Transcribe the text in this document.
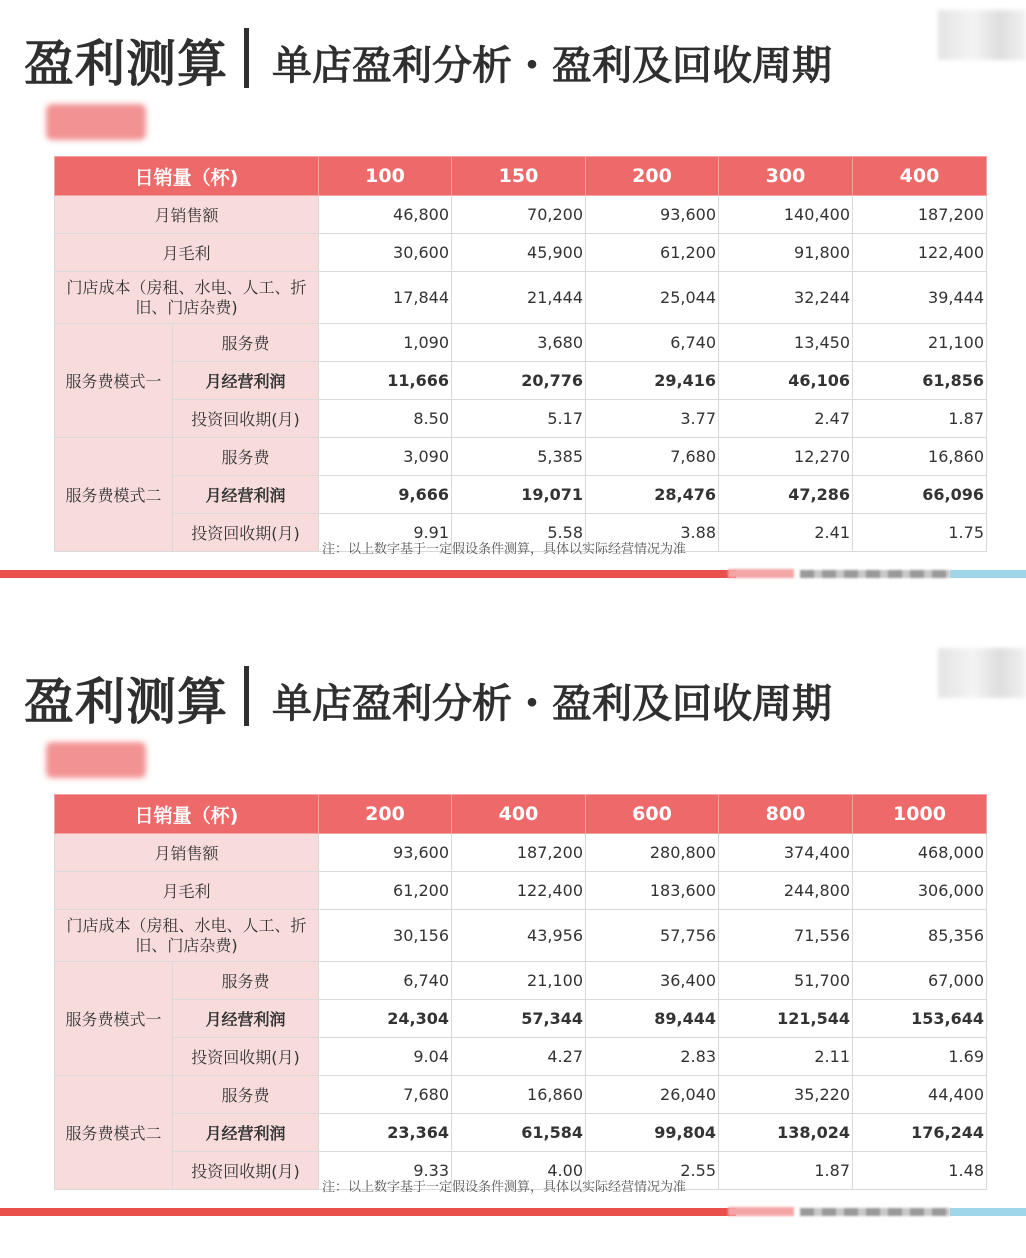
盈利测算 单店盈利分析・盈利及回收周期
日销量（杯)		100	150	200	300	400
月销售额		46,800	70,200	93,600	140,400	187,200
月毛利		30,600	45,900	61,200	91,800	122,400
门店成本（房租、水电、人工、折旧、门店杂费)		17,844	21,444	25,044	32,244	39,444
服务费模式一	服务费	1,090	3,680	6,740	13,450	21,100
	月经营利润	11,666	20,776	29,416	46,106	61,856
	投资回收期(月)	8.50	5.17	3.77	2.47	1.87
服务费模式二	服务费	3,090	5,385	7,680	12,270	16,860
	月经营利润	9,666	19,071	28,476	47,286	66,096
	投资回收期(月)	9.91	5.58	3.88	2.41	1.75
注：以上数字基于一定假设条件测算，具体以实际经营情况为准
盈利测算 单店盈利分析・盈利及回收周期
日销量（杯)		200	400	600	800	1000
月销售额		93,600	187,200	280,800	374,400	468,000
月毛利		61,200	122,400	183,600	244,800	306,000
门店成本（房租、水电、人工、折旧、门店杂费)		30,156	43,956	57,756	71,556	85,356
服务费模式一	服务费	6,740	21,100	36,400	51,700	67,000
	月经营利润	24,304	57,344	89,444	121,544	153,644
	投资回收期(月)	9.04	4.27	2.83	2.11	1.69
服务费模式二	服务费	7,680	16,860	26,040	35,220	44,400
	月经营利润	23,364	61,584	99,804	138,024	176,244
	投资回收期(月)	9.33	4.00	2.55	1.87	1.48
注：以上数字基于一定假设条件测算，具体以实际经营情况为准
